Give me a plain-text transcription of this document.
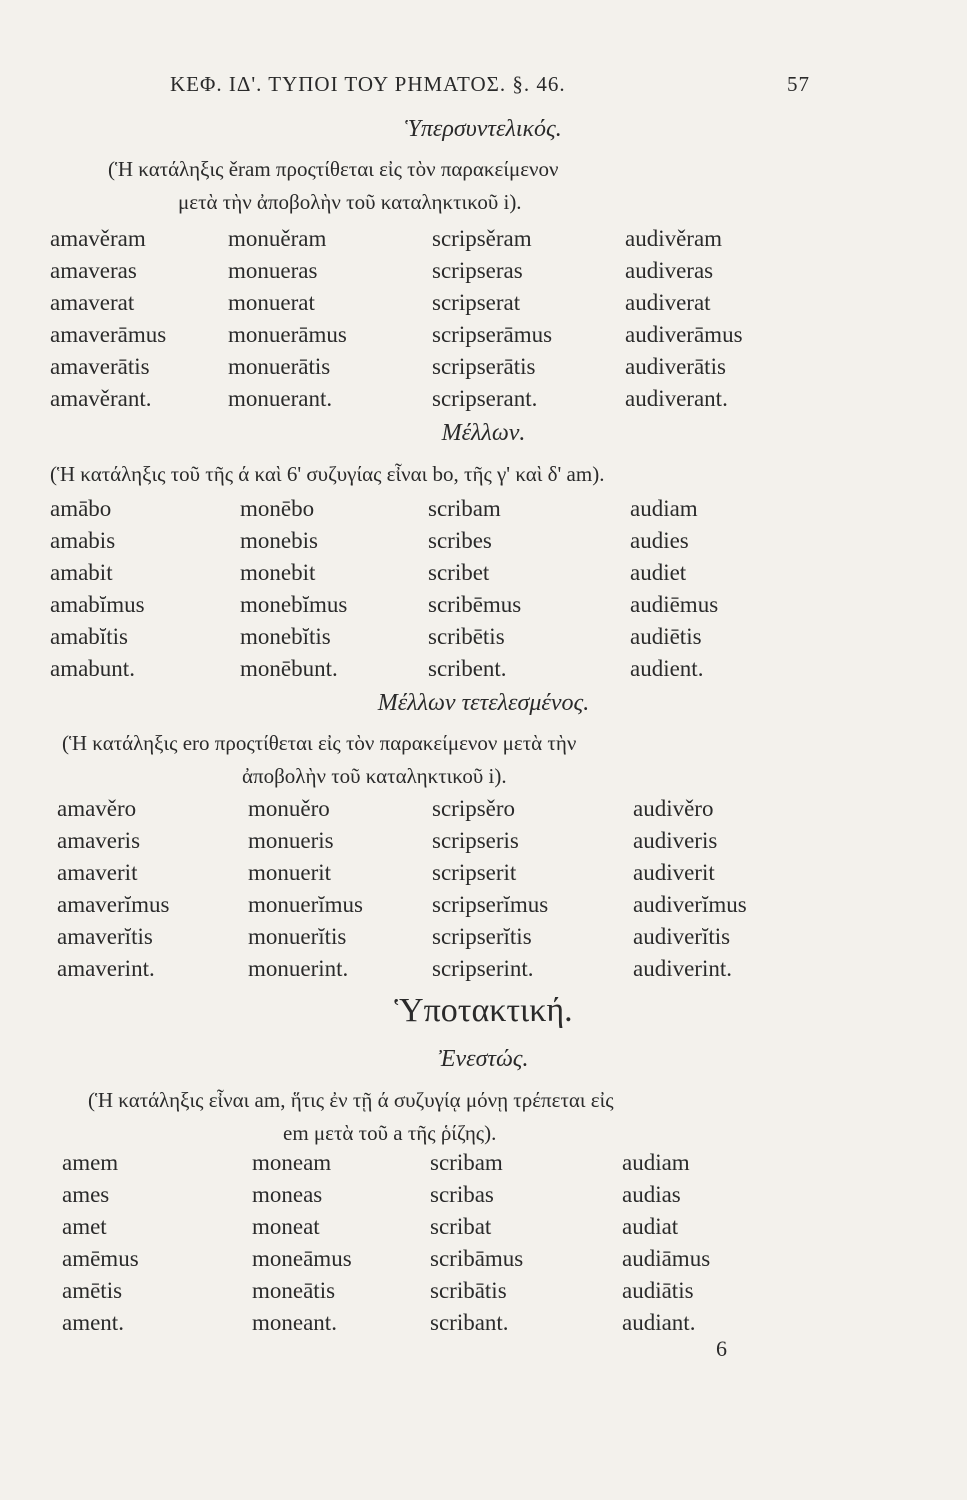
ΚΕΦ. ΙΔ'. ΤΥΠΟΙ ΤΟΥ ΡΗΜΑΤΟΣ. §. 46.	57
Ὑπερσυντελικός.
(Ἡ κατάληξις ěram προςτίθεται εἰς τὸν παρακείμενον
μετὰ τὴν ἀποβολὴν τοῦ καταληκτικοῦ i).
amavěram	monuěram	scripsěram	audivěram
amaveras	monueras	scripseras	audiveras
amaverat	monuerat	scripserat	audiverat
amaverāmus	monuerāmus	scripserāmus	audiverāmus
amaverātis	monuerātis	scripserātis	audiverātis
amavěrant.	monuerant.	scripserant.	audiverant.
Μέλλων.
(Ἡ κατάληξις τοῦ τῆς ά καὶ 6' συζυγίας εἶναι bo, τῆς γ' καὶ δ' am).
amābo	monēbo	scribam	audiam
amabis	monebis	scribes	audies
amabit	monebit	scribet	audiet
amabĭmus	monebĭmus	scribēmus	audiēmus
amabĭtis	monebĭtis	scribētis	audiētis
amabunt.	monēbunt.	scribent.	audient.
Μέλλων τετελεσμένος.
(Ἡ κατάληξις ero προςτίθεται εἰς τὸν παρακείμενον μετὰ τὴν
ἀποβολὴν τοῦ καταληκτικοῦ i).
amavěro	monuěro	scripsěro	audivěro
amaveris	monueris	scripseris	audiveris
amaverit	monuerit	scripserit	audiverit
amaverĭmus	monuerĭmus	scripserĭmus	audiverĭmus
amaverĭtis	monuerĭtis	scripserĭtis	audiverĭtis
amaverint.	monuerint.	scripserint.	audiverint.
Ὑποτακτική.
Ἐνεστώς.
(Ἡ κατάληξις εἶναι am, ἥτις ἐν τῇ ά συζυγίᾳ μόνῃ τρέπεται εἰς
em μετὰ τοῦ a τῆς ῥίζης).
amem	moneam	scribam	audiam
ames	moneas	scribas	audias
amet	moneat	scribat	audiat
amēmus	moneāmus	scribāmus	audiāmus
amētis	moneātis	scribātis	audiātis
ament.	moneant.	scribant.	audiant.
6
